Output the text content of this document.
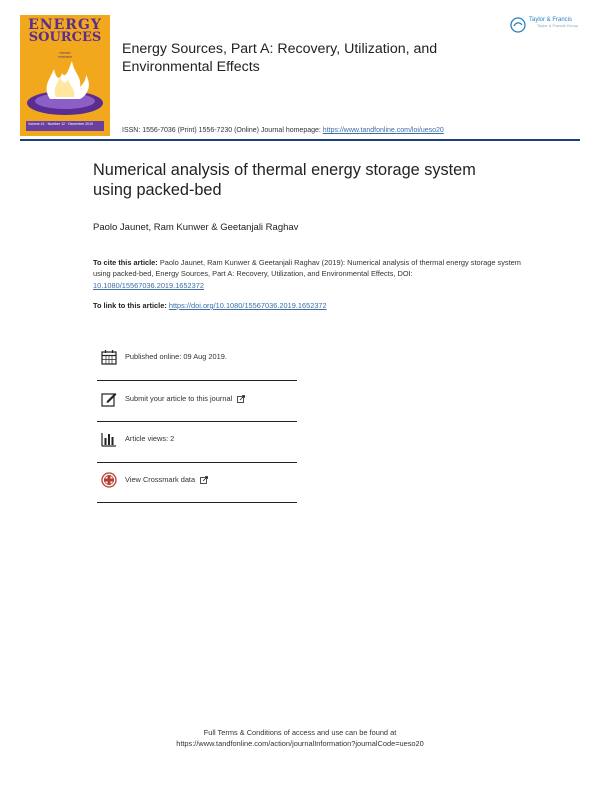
ENERGY
SOURCES
▪▪▪▪▪▪▪▪▪
▪▪▪▪▪▪▪▪▪▪▪
Volume 41 · Number 12 · December 2019
Energy Sources, Part A: Recovery, Utilization, and Environmental Effects
Taylor & Francis
Taylor & Francis Group
ISSN: 1556-7036 (Print) 1556-7230 (Online) Journal homepage: https://www.tandfonline.com/loi/ueso20
Numerical analysis of thermal energy storage system using packed-bed
Paolo Jaunet, Ram Kunwer & Geetanjali Raghav
To cite this article: Paolo Jaunet, Ram Kunwer & Geetanjali Raghav (2019): Numerical analysis of thermal energy storage system using packed-bed, Energy Sources, Part A: Recovery, Utilization, and Environmental Effects, DOI: 10.1080/15567036.2019.1652372
To link to this article: https://doi.org/10.1080/15567036.2019.1652372
Published online: 09 Aug 2019.
Submit your article to this journal
Article views: 2
View Crossmark data
Full Terms & Conditions of access and use can be found at
https://www.tandfonline.com/action/journalInformation?journalCode=ueso20
